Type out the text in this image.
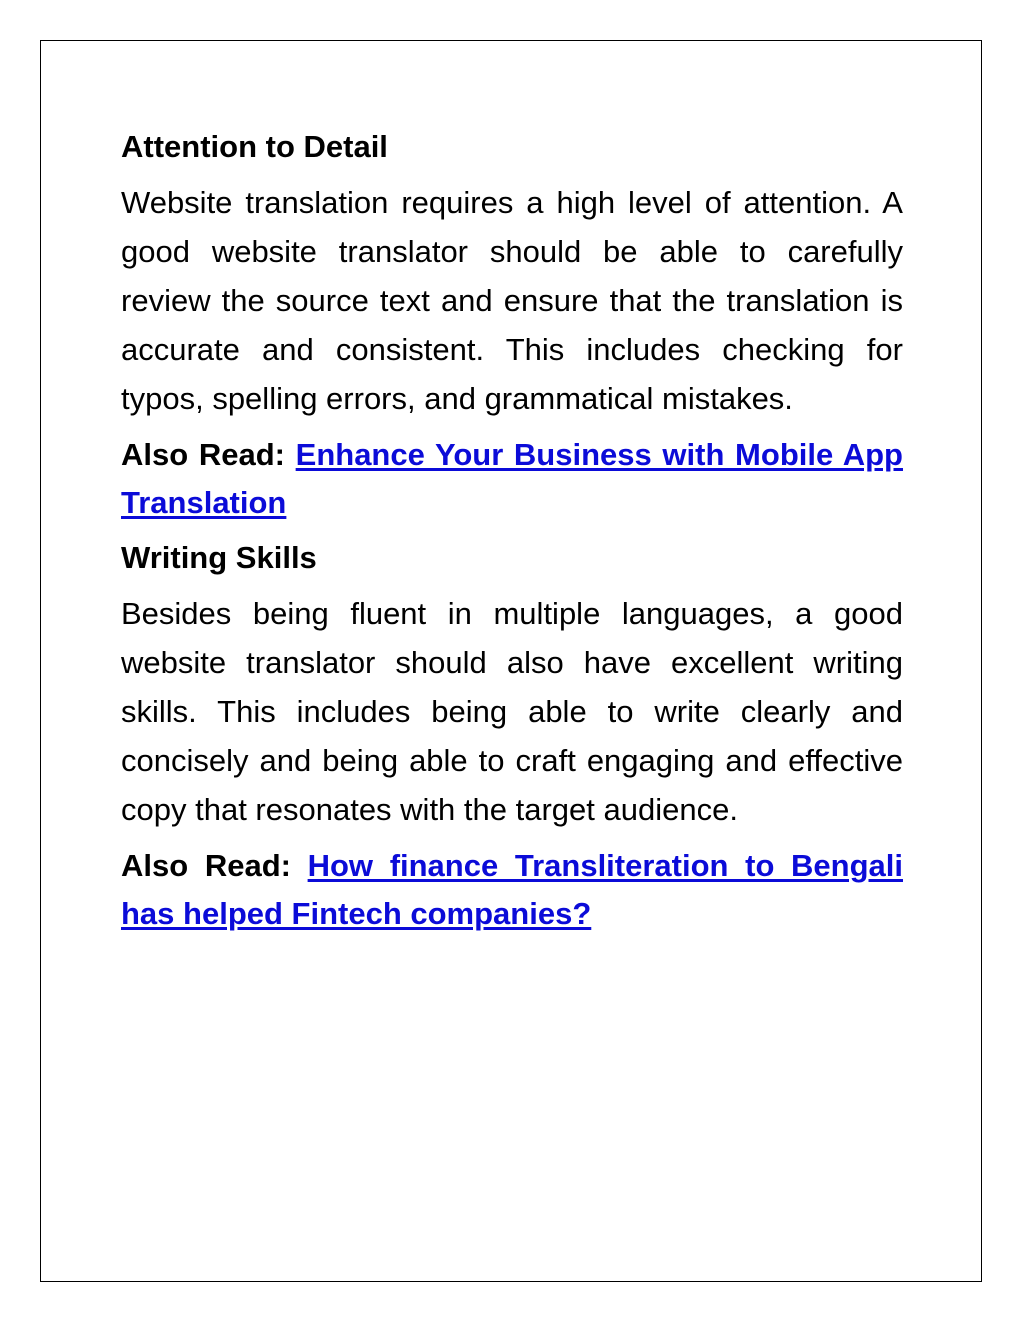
Attention to Detail

Website translation requires a high level of attention. A good website translator should be able to carefully review the source text and ensure that the translation is accurate and consistent. This includes checking for typos, spelling errors, and grammatical mistakes.

Also Read: Enhance Your Business with Mobile App Translation

Writing Skills

Besides being fluent in multiple languages, a good website translator should also have excellent writing skills. This includes being able to write clearly and concisely and being able to craft engaging and effective copy that resonates with the target audience.

Also Read: How finance Transliteration to Bengali has helped Fintech companies?
